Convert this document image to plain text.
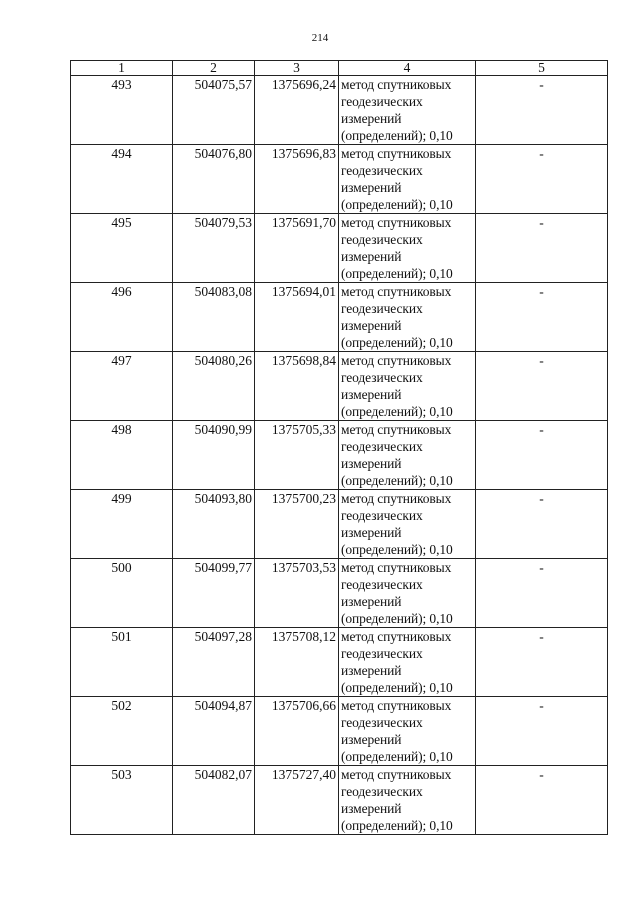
214
1	2	3	4	5
493	504075,57	1375696,24	метод спутниковых
геодезических
измерений
(определений); 0,10	-
494	504076,80	1375696,83	метод спутниковых
геодезических
измерений
(определений); 0,10	-
495	504079,53	1375691,70	метод спутниковых
геодезических
измерений
(определений); 0,10	-
496	504083,08	1375694,01	метод спутниковых
геодезических
измерений
(определений); 0,10	-
497	504080,26	1375698,84	метод спутниковых
геодезических
измерений
(определений); 0,10	-
498	504090,99	1375705,33	метод спутниковых
геодезических
измерений
(определений); 0,10	-
499	504093,80	1375700,23	метод спутниковых
геодезических
измерений
(определений); 0,10	-
500	504099,77	1375703,53	метод спутниковых
геодезических
измерений
(определений); 0,10	-
501	504097,28	1375708,12	метод спутниковых
геодезических
измерений
(определений); 0,10	-
502	504094,87	1375706,66	метод спутниковых
геодезических
измерений
(определений); 0,10	-
503	504082,07	1375727,40	метод спутниковых
геодезических
измерений
(определений); 0,10	-
